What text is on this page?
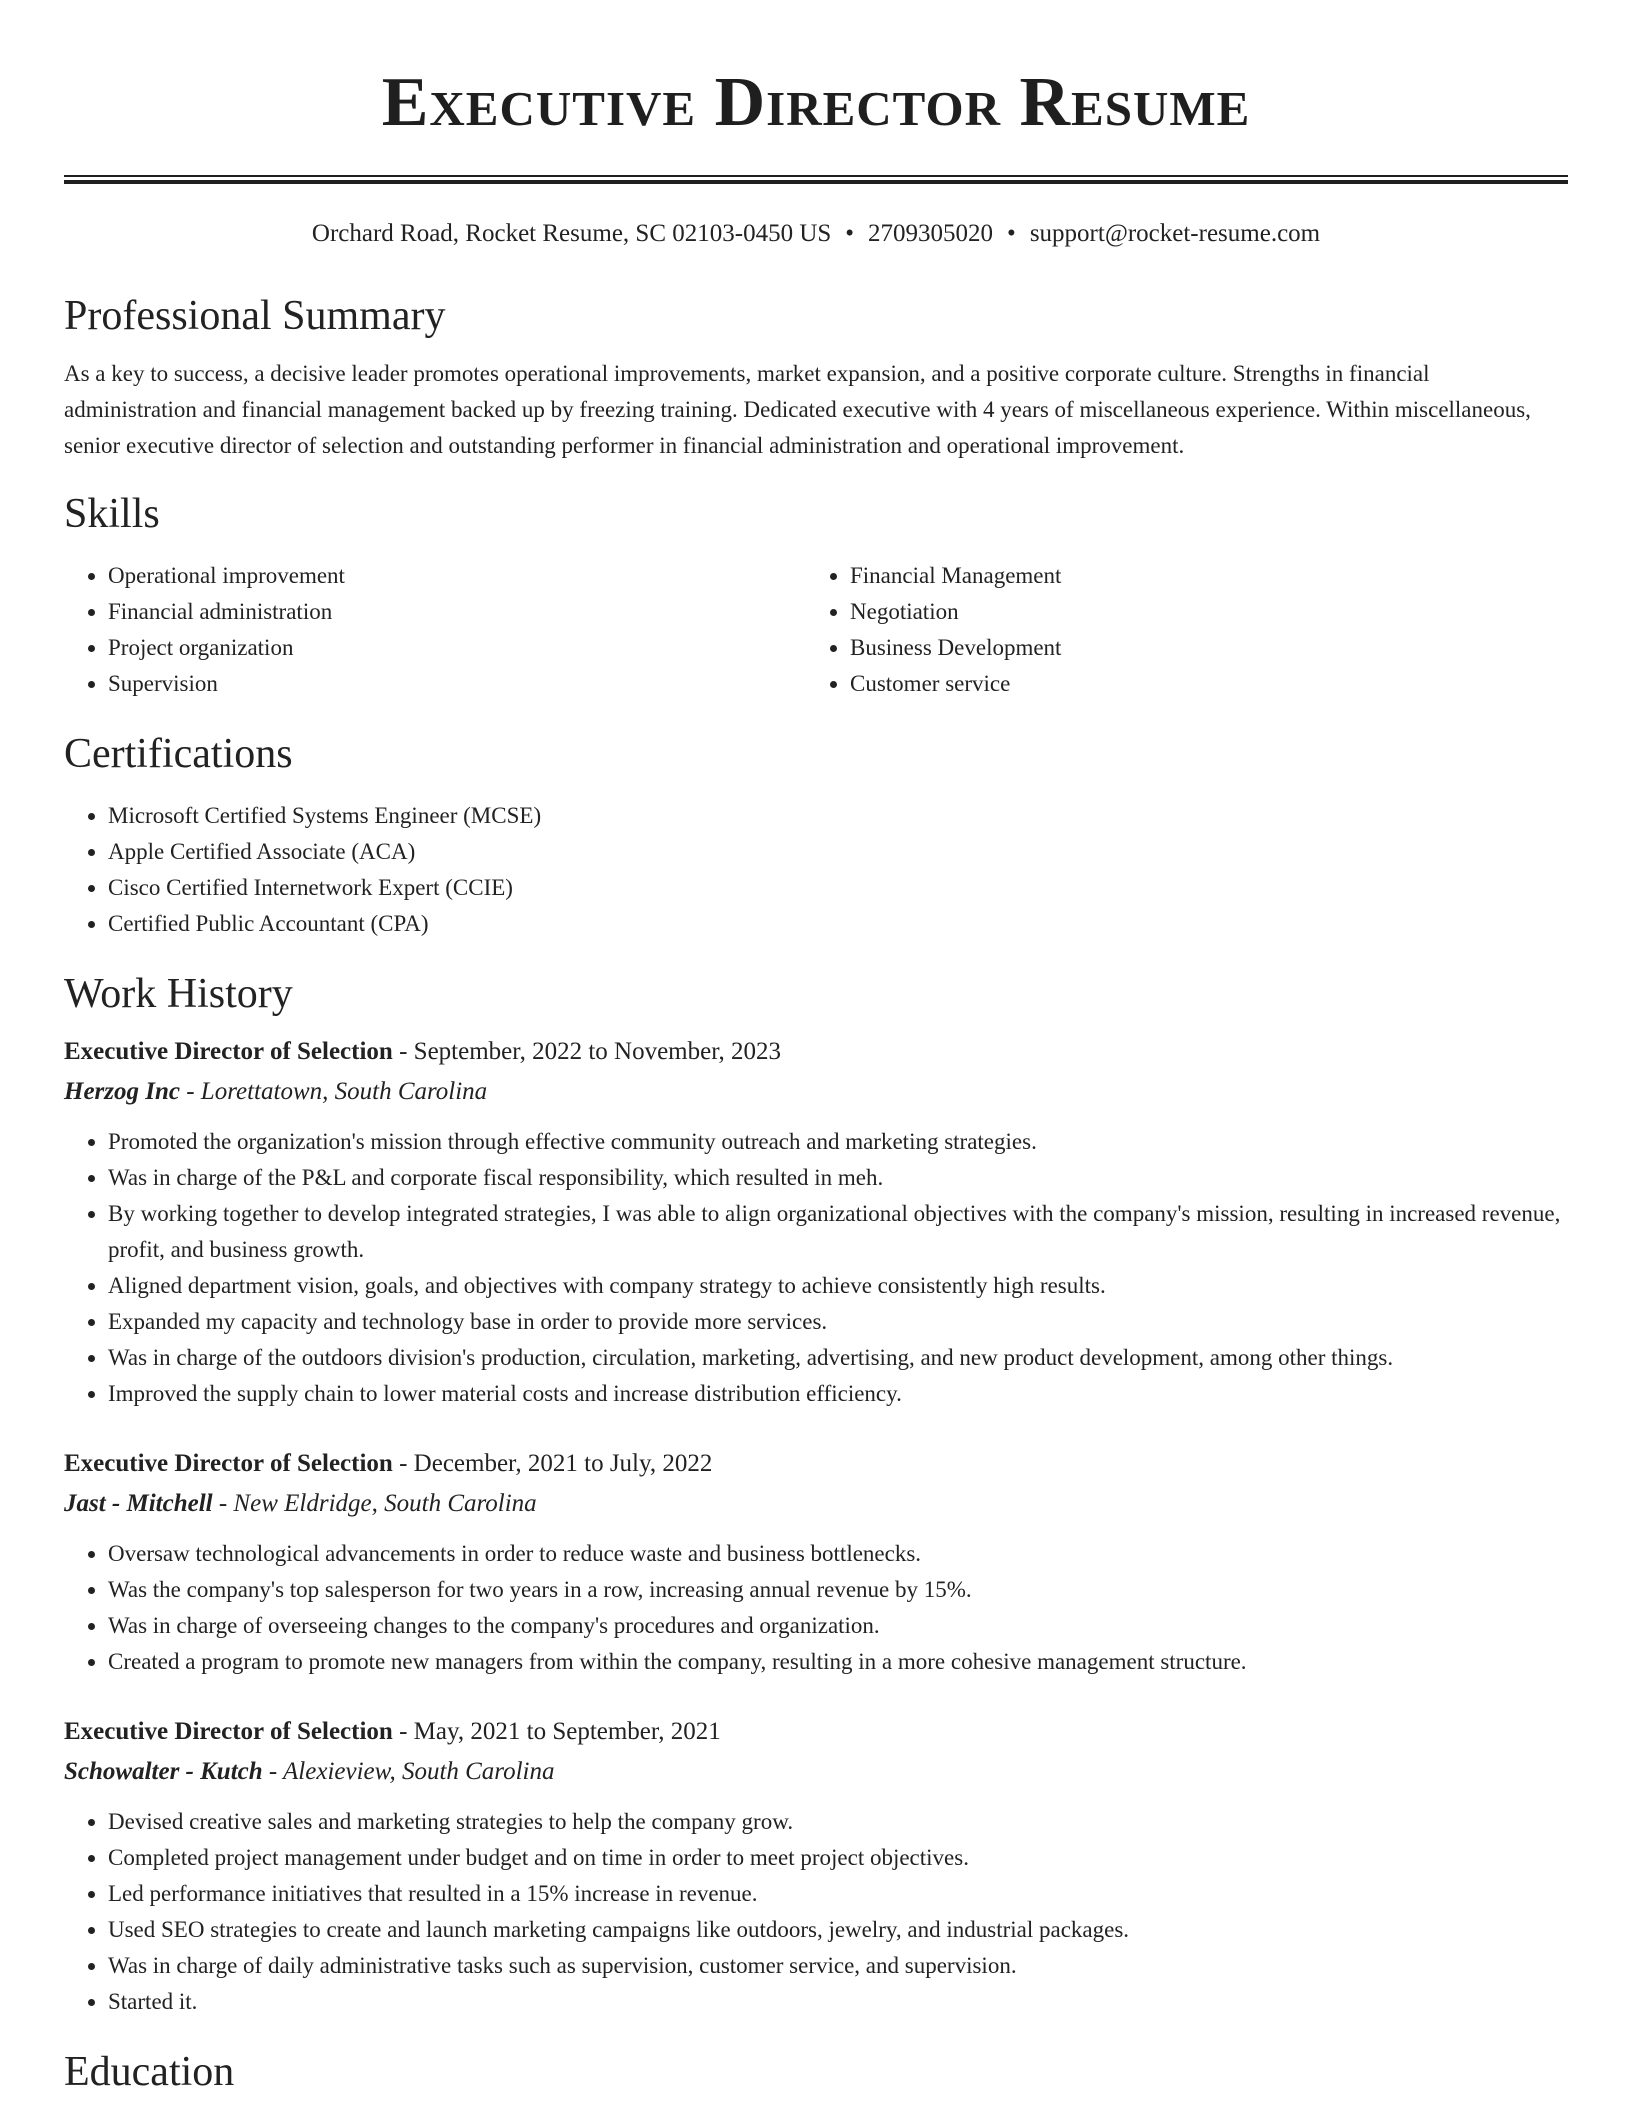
Executive Director Resume
Orchard Road, Rocket Resume, SC 02103-0450 US • 2709305020 • support@rocket-resume.com
Professional Summary

As a key to success, a decisive leader promotes operational improvements, market expansion, and a positive corporate culture. Strengths in financial administration and financial management backed up by freezing training. Dedicated executive with 4 years of miscellaneous experience. Within miscellaneous, senior executive director of selection and outstanding performer in financial administration and operational improvement.

Skills
• Operational improvement
• Financial administration
• Project organization
• Supervision
• Financial Management
• Negotiation
• Business Development
• Customer service
Certifications
• Microsoft Certified Systems Engineer (MCSE)
• Apple Certified Associate (ACA)
• Cisco Certified Internetwork Expert (CCIE)
• Certified Public Accountant (CPA)
Work History
Executive Director of Selection - September, 2022 to November, 2023
Herzog Inc - Lorettatown, South Carolina
• Promoted the organization's mission through effective community outreach and marketing strategies.
• Was in charge of the P&L and corporate fiscal responsibility, which resulted in meh.
• By working together to develop integrated strategies, I was able to align organizational objectives with the company's mission, resulting in increased revenue, profit, and business growth.
• Aligned department vision, goals, and objectives with company strategy to achieve consistently high results.
• Expanded my capacity and technology base in order to provide more services.
• Was in charge of the outdoors division's production, circulation, marketing, advertising, and new product development, among other things.
• Improved the supply chain to lower material costs and increase distribution efficiency.
Executive Director of Selection - December, 2021 to July, 2022
Jast - Mitchell - New Eldridge, South Carolina
• Oversaw technological advancements in order to reduce waste and business bottlenecks.
• Was the company's top salesperson for two years in a row, increasing annual revenue by 15%.
• Was in charge of overseeing changes to the company's procedures and organization.
• Created a program to promote new managers from within the company, resulting in a more cohesive management structure.
Executive Director of Selection - May, 2021 to September, 2021
Schowalter - Kutch - Alexieview, South Carolina
• Devised creative sales and marketing strategies to help the company grow.
• Completed project management under budget and on time in order to meet project objectives.
• Led performance initiatives that resulted in a 15% increase in revenue.
• Used SEO strategies to create and launch marketing campaigns like outdoors, jewelry, and industrial packages.
• Was in charge of daily administrative tasks such as supervision, customer service, and supervision.
• Started it.
Education
